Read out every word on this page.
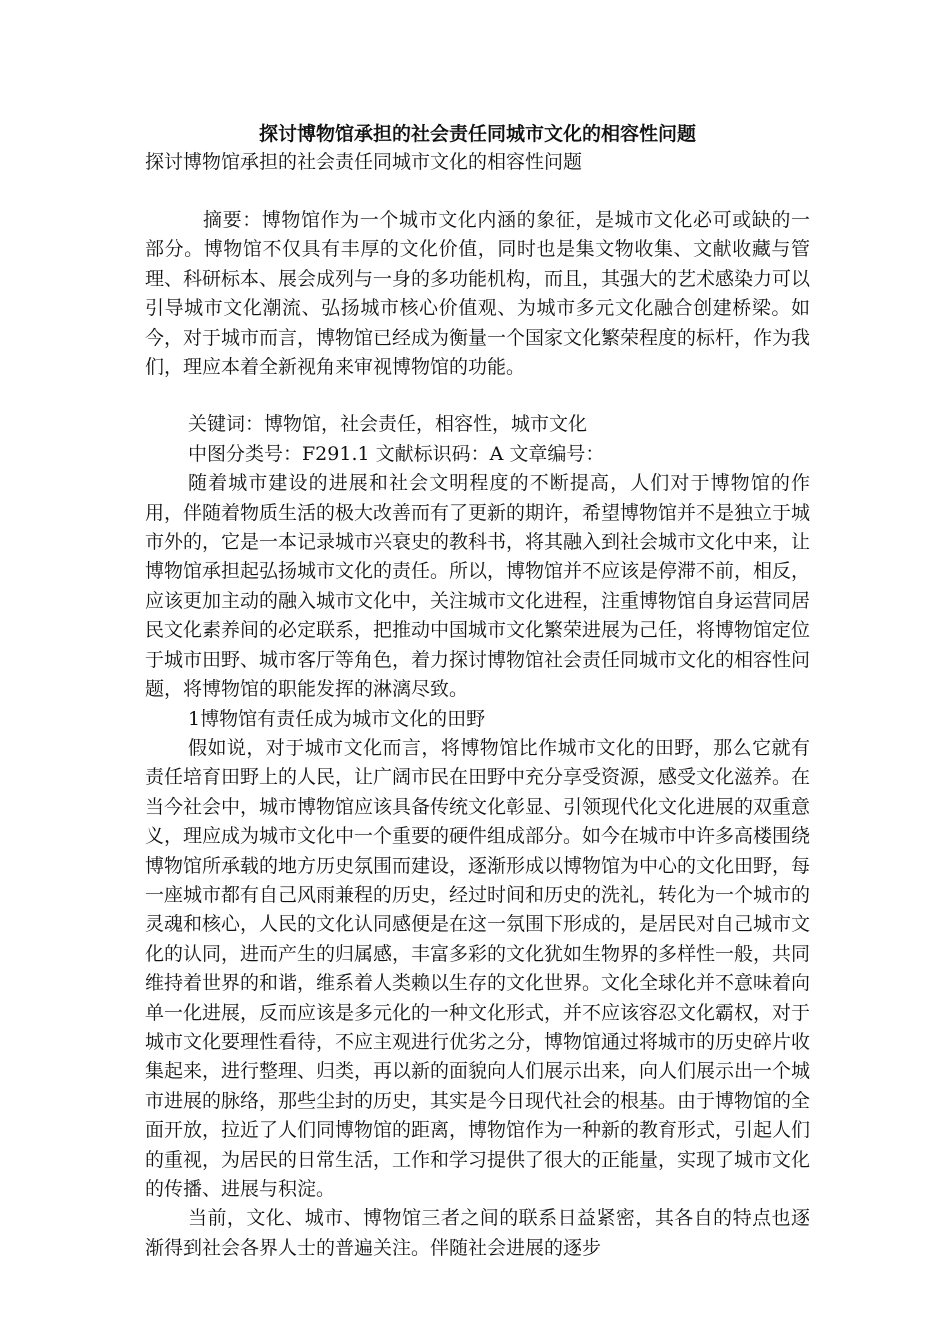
探讨博物馆承担的社会责任同城市文化的相容性问题
探讨博物馆承担的社会责任同城市文化的相容性问题

摘要：博物馆作为一个城市文化内涵的象征，是城市文化必可或缺的一部分。博物馆不仅具有丰厚的文化价值，同时也是集文物收集、文献收藏与管理、科研标本、展会成列与一身的多功能机构，而且，其强大的艺术感染力可以引导城市文化潮流、弘扬城市核心价值观、为城市多元文化融合创建桥梁。如今，对于城市而言，博物馆已经成为衡量一个国家文化繁荣程度的标杆，作为我们，理应本着全新视角来审视博物馆的功能。

关键词：博物馆，社会责任，相容性，城市文化

中图分类号：F291.1 文献标识码：A 文章编号：

随着城市建设的进展和社会文明程度的不断提高，人们对于博物馆的作用，伴随着物质生活的极大改善而有了更新的期许，希望博物馆并不是独立于城市外的，它是一本记录城市兴衰史的教科书，将其融入到社会城市文化中来，让博物馆承担起弘扬城市文化的责任。所以，博物馆并不应该是停滞不前，相反，应该更加主动的融入城市文化中，关注城市文化进程，注重博物馆自身运营同居民文化素养间的必定联系，把推动中国城市文化繁荣进展为己任，将博物馆定位于城市田野、城市客厅等角色，着力探讨博物馆社会责任同城市文化的相容性问题，将博物馆的职能发挥的淋漓尽致。

1博物馆有责任成为城市文化的田野

假如说，对于城市文化而言，将博物馆比作城市文化的田野，那么它就有责任培育田野上的人民，让广阔市民在田野中充分享受资源，感受文化滋养。在当今社会中，城市博物馆应该具备传统文化彰显、引领现代化文化进展的双重意义，理应成为城市文化中一个重要的硬件组成部分。如今在城市中许多高楼围绕博物馆所承载的地方历史氛围而建设，逐渐形成以博物馆为中心的文化田野，每一座城市都有自己风雨兼程的历史，经过时间和历史的洗礼，转化为一个城市的灵魂和核心，人民的文化认同感便是在这一氛围下形成的，是居民对自己城市文化的认同，进而产生的归属感，丰富多彩的文化犹如生物界的多样性一般，共同维持着世界的和谐，维系着人类赖以生存的文化世界。文化全球化并不意味着向单一化进展，反而应该是多元化的一种文化形式，并不应该容忍文化霸权，对于城市文化要理性看待，不应主观进行优劣之分，博物馆通过将城市的历史碎片收集起来，进行整理、归类，再以新的面貌向人们展示出来，向人们展示出一个城市进展的脉络，那些尘封的历史，其实是今日现代社会的根基。由于博物馆的全面开放，拉近了人们同博物馆的距离，博物馆作为一种新的教育形式，引起人们的重视，为居民的日常生活，工作和学习提供了很大的正能量，实现了城市文化的传播、进展与积淀。

当前，文化、城市、博物馆三者之间的联系日益紧密，其各自的特点也逐渐得到社会各界人士的普遍关注。伴随社会进展的逐步
